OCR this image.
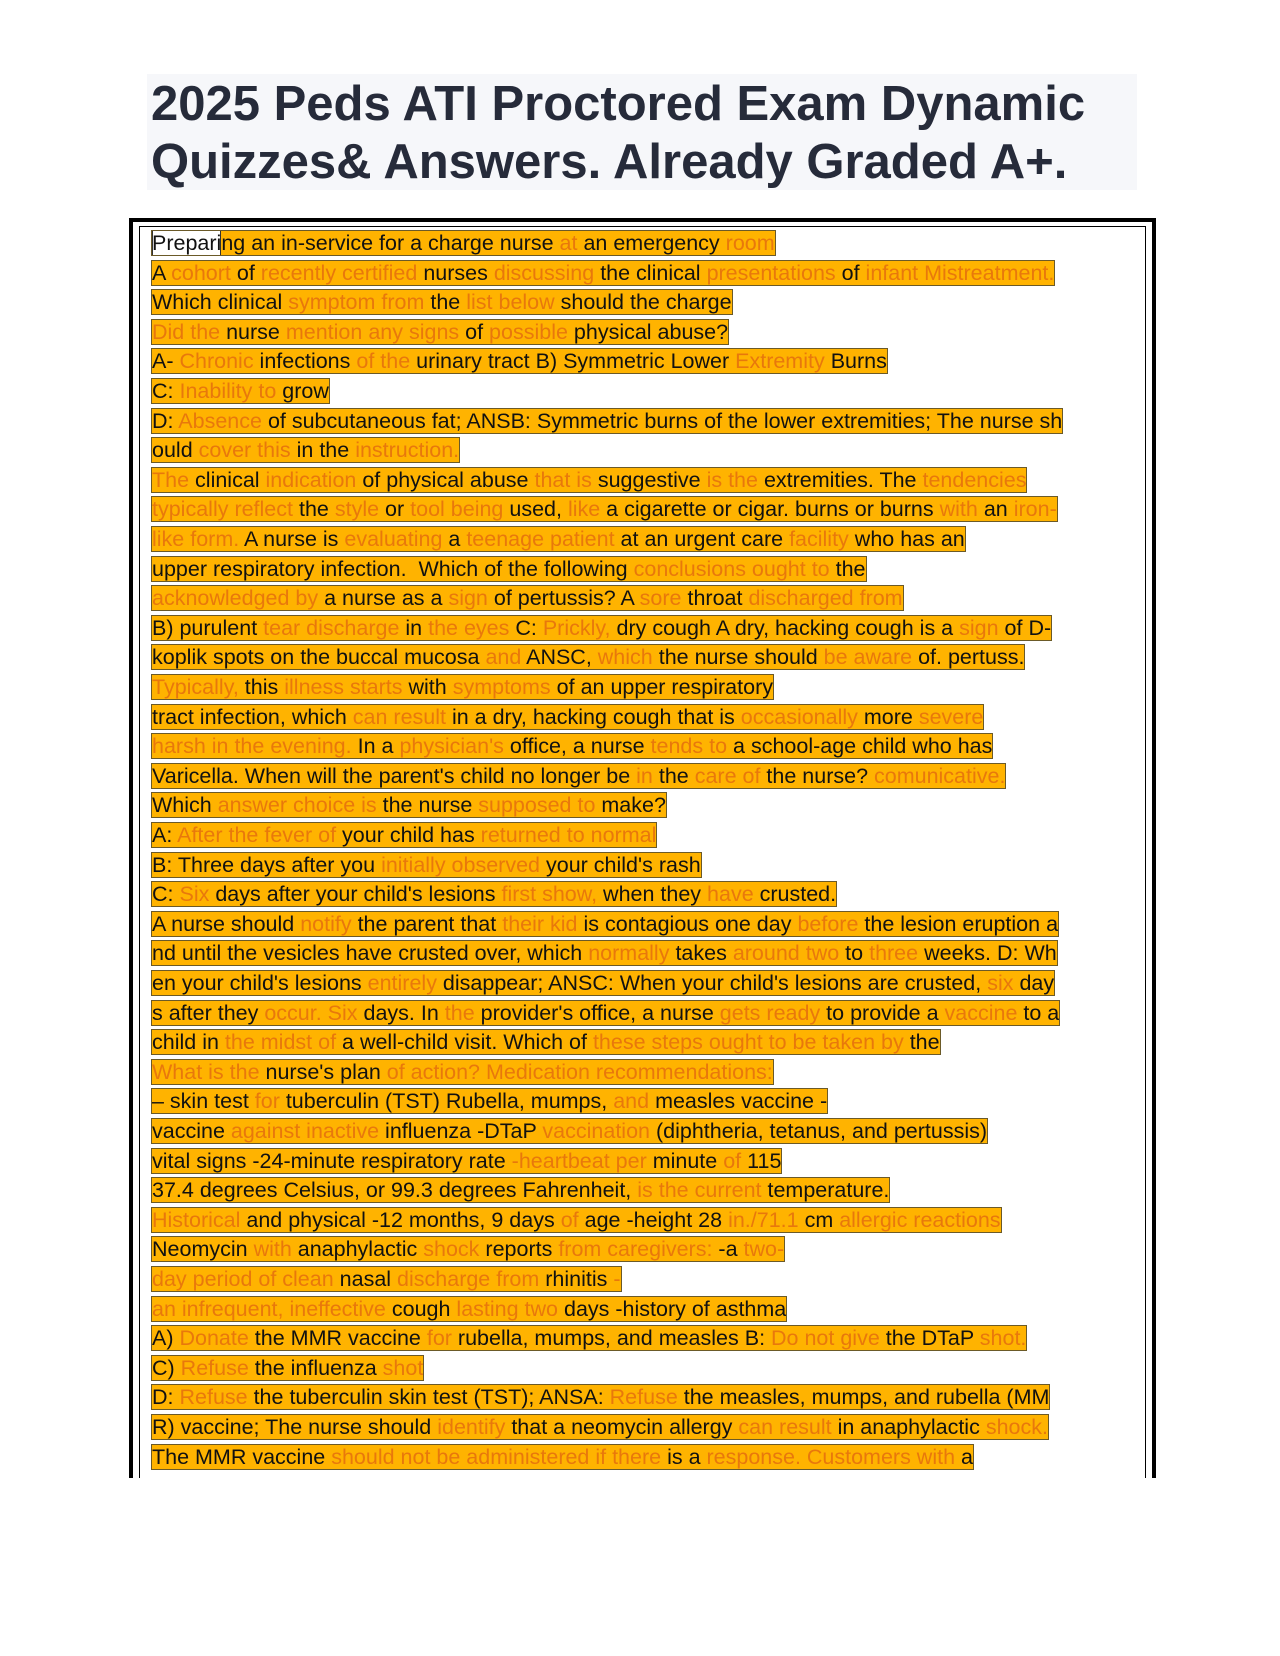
2025 Peds ATI Proctored Exam Dynamic
Quizzes& Answers. Already Graded A+.
Preparing an in-service for a charge nurse at an emergency room
A cohort of recently certified nurses discussing the clinical presentations of infant Mistreatment.
Which clinical symptom from the list below should the charge
Did the nurse mention any signs of possible physical abuse?
A- Chronic infections of the urinary tract B) Symmetric Lower Extremity Burns
C: Inability to grow
D: Absence of subcutaneous fat; ANSB: Symmetric burns of the lower extremities; The nurse sh
ould cover this in the instruction.
The clinical indication of physical abuse that is suggestive is the extremities. The tendencies
typically reflect the style or tool being used, like a cigarette or cigar. burns or burns with an iron-
like form. A nurse is evaluating a teenage patient at an urgent care facility who has an
upper respiratory infection.  Which of the following conclusions ought to the
acknowledged by a nurse as a sign of pertussis? A sore throat discharged from
B) purulent tear discharge in the eyes C: Prickly, dry cough A dry, hacking cough is a sign of D-
koplik spots on the buccal mucosa and ANSC, which the nurse should be aware of. pertuss.
Typically, this illness starts with symptoms of an upper respiratory
tract infection, which can result in a dry, hacking cough that is occasionally more severe
harsh in the evening. In a physician's office, a nurse tends to a school-age child who has
Varicella. When will the parent's child no longer be in the care of the nurse? comunicative.
Which answer choice is the nurse supposed to make?
A: After the fever of your child has returned to normal
B: Three days after you initially observed your child's rash
C: Six days after your child's lesions first show, when they have crusted.
A nurse should notify the parent that their kid is contagious one day before the lesion eruption a
nd until the vesicles have crusted over, which normally takes around two to three weeks. D: Wh
en your child's lesions entirely disappear; ANSC: When your child's lesions are crusted, six day
s after they occur. Six days. In the provider's office, a nurse gets ready to provide a vaccine to a
child in the midst of a well-child visit. Which of these steps ought to be taken by the
What is the nurse's plan of action? Medication recommendations:
– skin test for tuberculin (TST) Rubella, mumps, and measles vaccine -
vaccine against inactive influenza -DTaP vaccination (diphtheria, tetanus, and pertussis)
vital signs -24-minute respiratory rate -heartbeat per minute of 115
37.4 degrees Celsius, or 99.3 degrees Fahrenheit, is the current temperature.
Historical and physical -12 months, 9 days of age -height 28 in./71.1 cm allergic reactions
Neomycin with anaphylactic shock reports from caregivers: -a two-
day period of clean nasal discharge from rhinitis -
an infrequent, ineffective cough lasting two days -history of asthma
A) Donate the MMR vaccine for rubella, mumps, and measles B: Do not give the DTaP shot.
C) Refuse the influenza shot
D: Refuse the tuberculin skin test (TST); ANSA: Refuse the measles, mumps, and rubella (MM
R) vaccine; The nurse should identify that a neomycin allergy can result in anaphylactic shock.
The MMR vaccine should not be administered if there is a response. Customers with a
